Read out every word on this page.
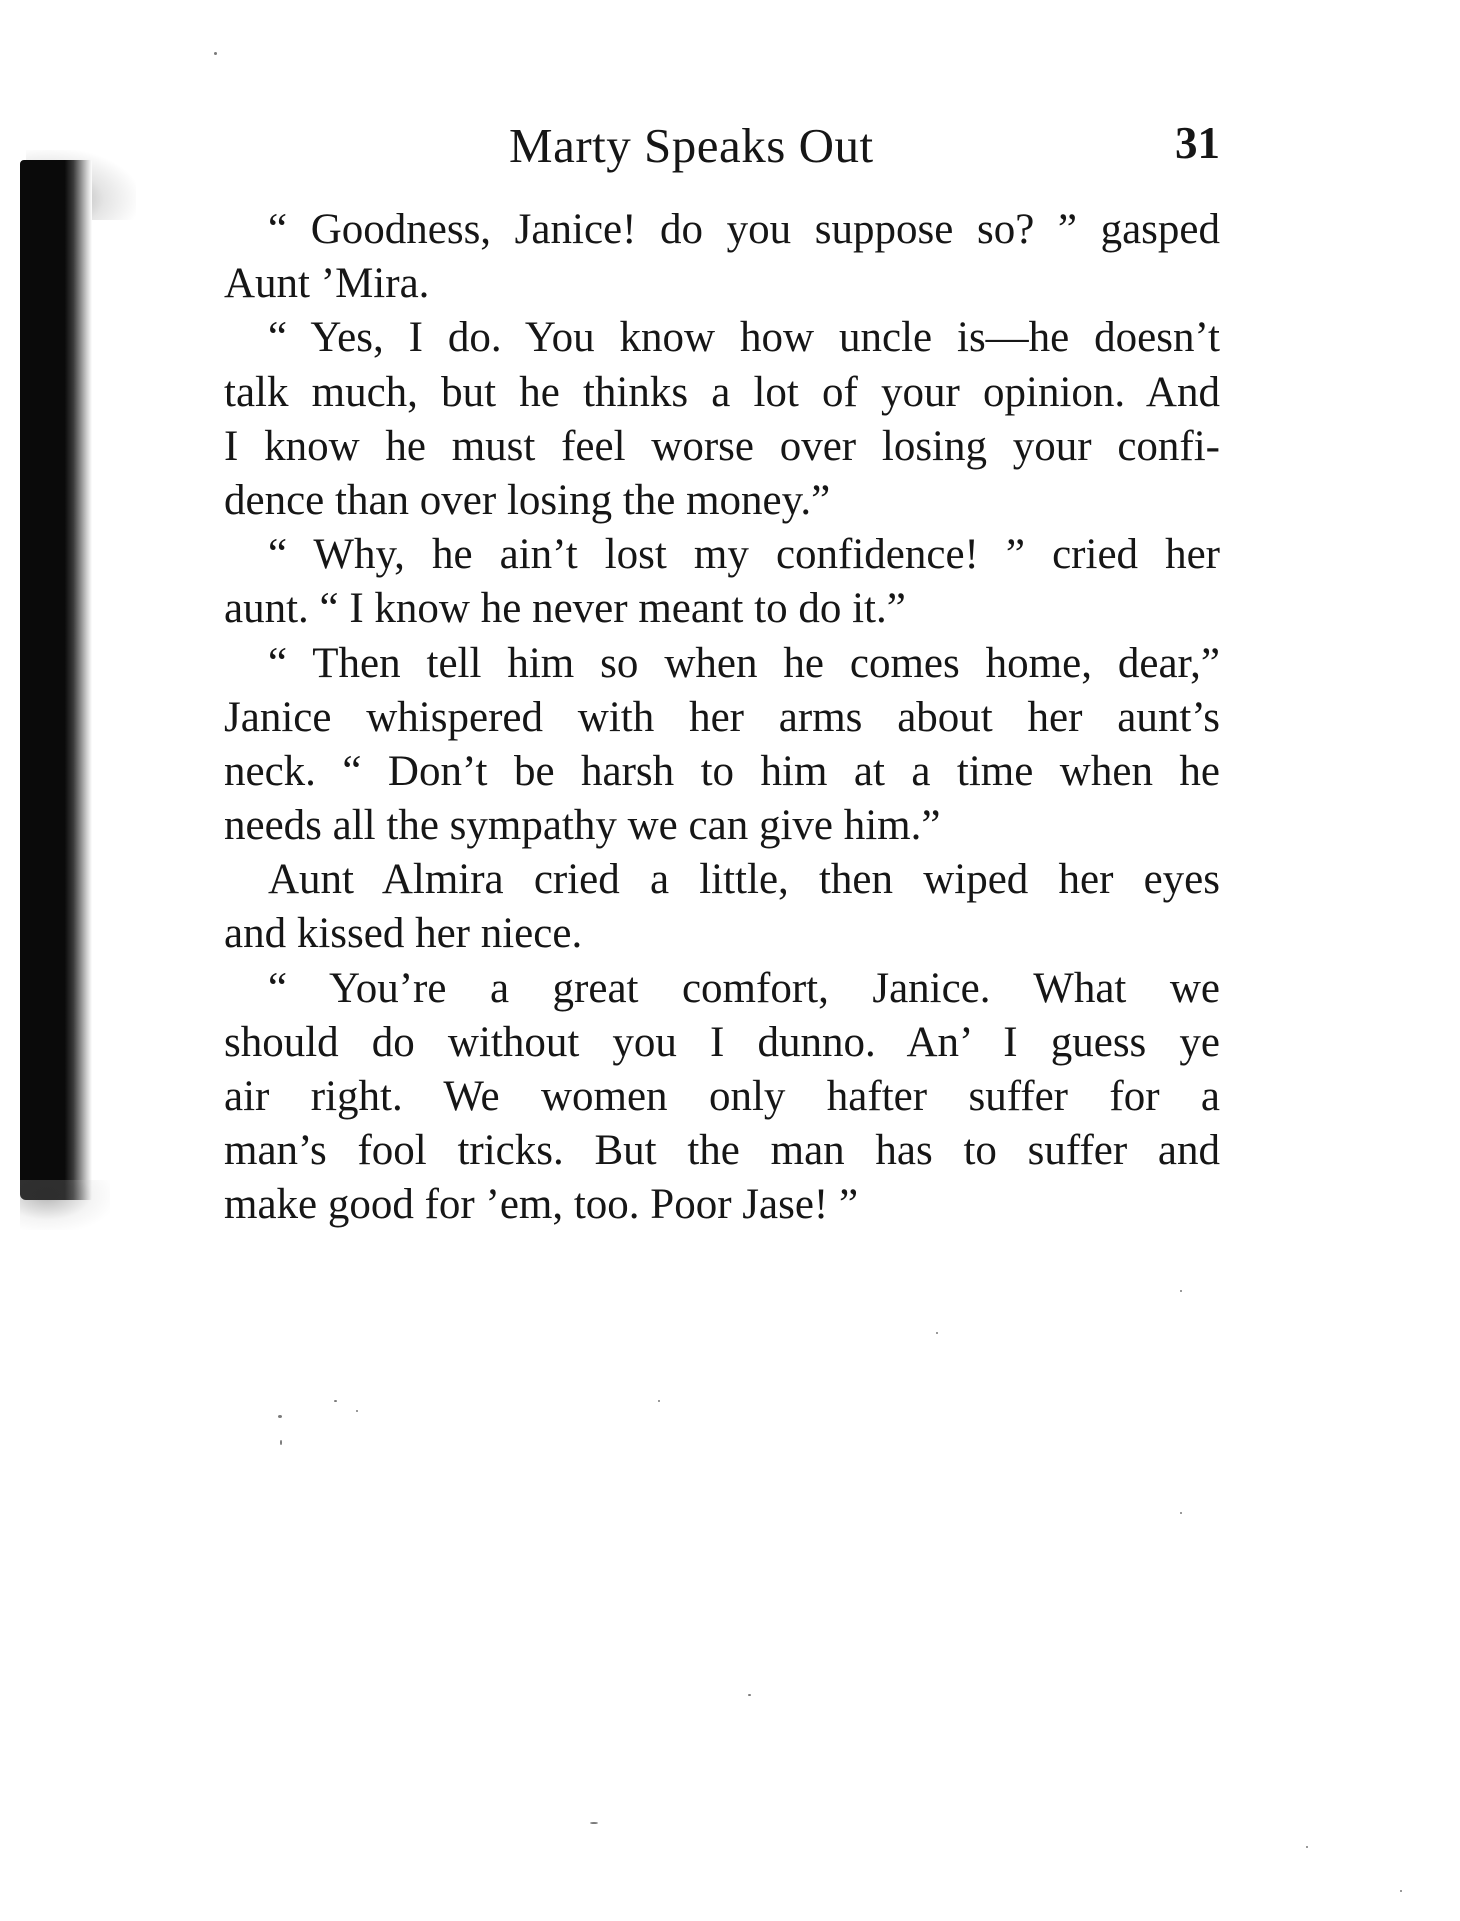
Marty Speaks Out	31
“ Goodness, Janice! do you suppose so? ” gasped
Aunt ’Mira.
“ Yes, I do. You know how uncle is—he doesn’t
talk much, but he thinks a lot of your opinion. And
I know he must feel worse over losing your confi-
dence than over losing the money.”
“ Why, he ain’t lost my confidence! ” cried her
aunt. “ I know he never meant to do it.”
“ Then tell him so when he comes home, dear,”
Janice whispered with her arms about her aunt’s
neck. “ Don’t be harsh to him at a time when he
needs all the sympathy we can give him.”
Aunt Almira cried a little, then wiped her eyes
and kissed her niece.
“ You’re a great comfort, Janice. What we
should do without you I dunno. An’ I guess ye
air right. We women only hafter suffer for a
man’s fool tricks. But the man has to suffer and
make good for ’em, too. Poor Jase! ”
